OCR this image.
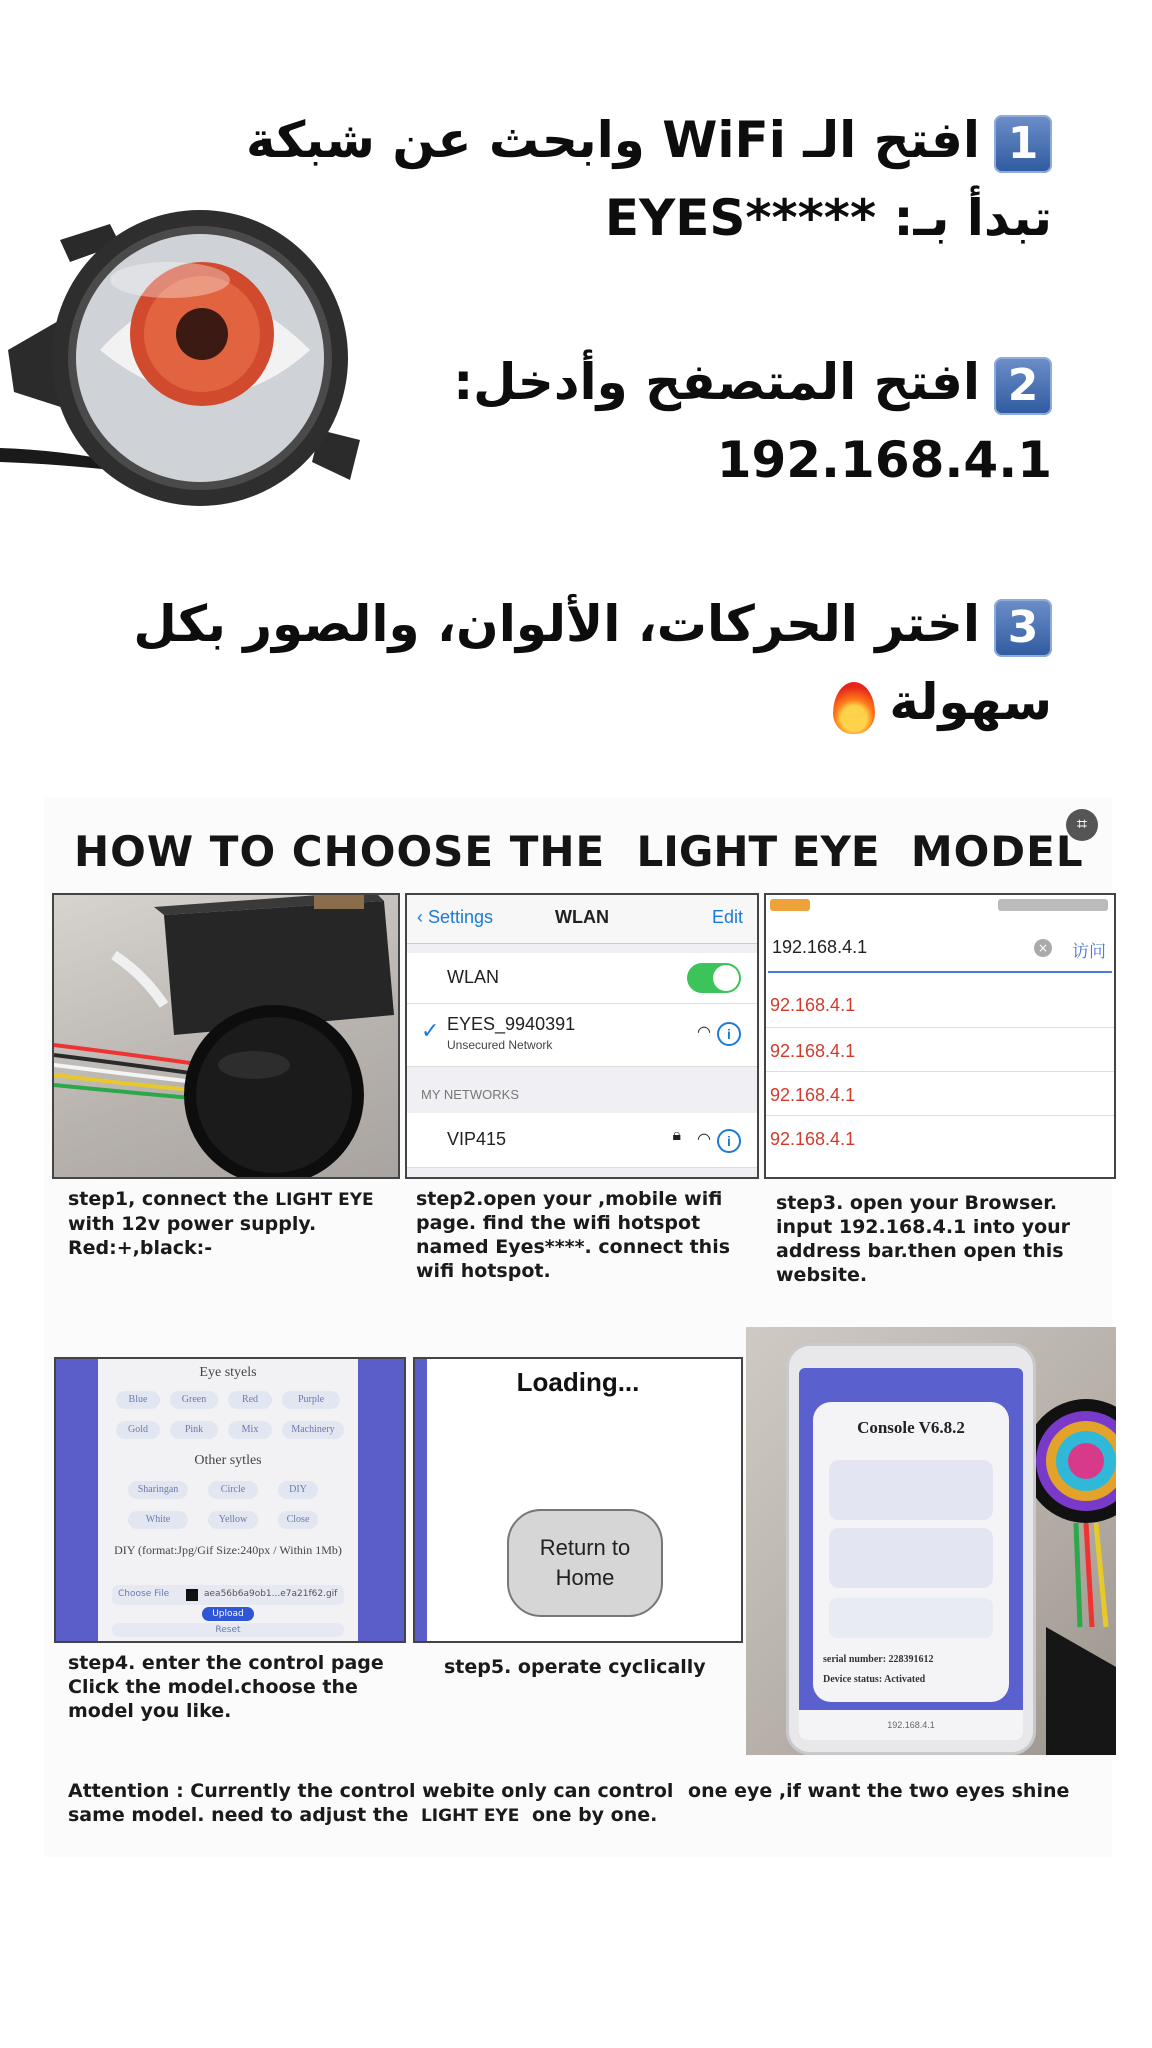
1افتح الـ WiFi وابحث عن شبكة
تبدأ بـ: EYES*****
2افتح المتصفح وأدخل:
192.168.4.1
3اختر الحركات، الألوان، والصور بكل
سهولة
⌗
HOW TO CHOOSE THE LIGHT EYE MODEL
‹ Settings	WLAN	Edit
WLAN
✓ EYES_9940391
Unsecured Network
◠	i
MY NETWORKS
VIP415	🔒︎ ◠	i
192.168.4.1	× 访问
92.168.4.1
92.168.4.1
92.168.4.1
92.168.4.1
step1, connect the LIGHT EYE
with 12v power supply.
Red:+,black:-
step2.open your ,mobile wifi
page. find the wifi hotspot
named Eyes****. connect this
wifi hotspot.
step3. open your Browser.
input 192.168.4.1 into your
address bar.then open this
website.
Eye styels
Blue	Green	Red	Purple
Gold	Pink	Mix	Machinery
Other sytles
Sharingan	Circle	DIY
White	Yellow	Close
DIY (format:Jpg/Gif Size:240px / Within 1Mb)
Choose File	aea56b6a9ob1...e7a21f62.gif
Upload
Reset
Loading...
Return to
Home
Console V6.8.2
serial number: 228391612
Device status: Activated
192.168.4.1
step4. enter the control page
Click the model.choose the
model you like.
step5. operate cyclically
Attention : Currently the control webite only can control one eye ,if want the two eyes shine
same model. need to adjust the LIGHT EYE one by one.
